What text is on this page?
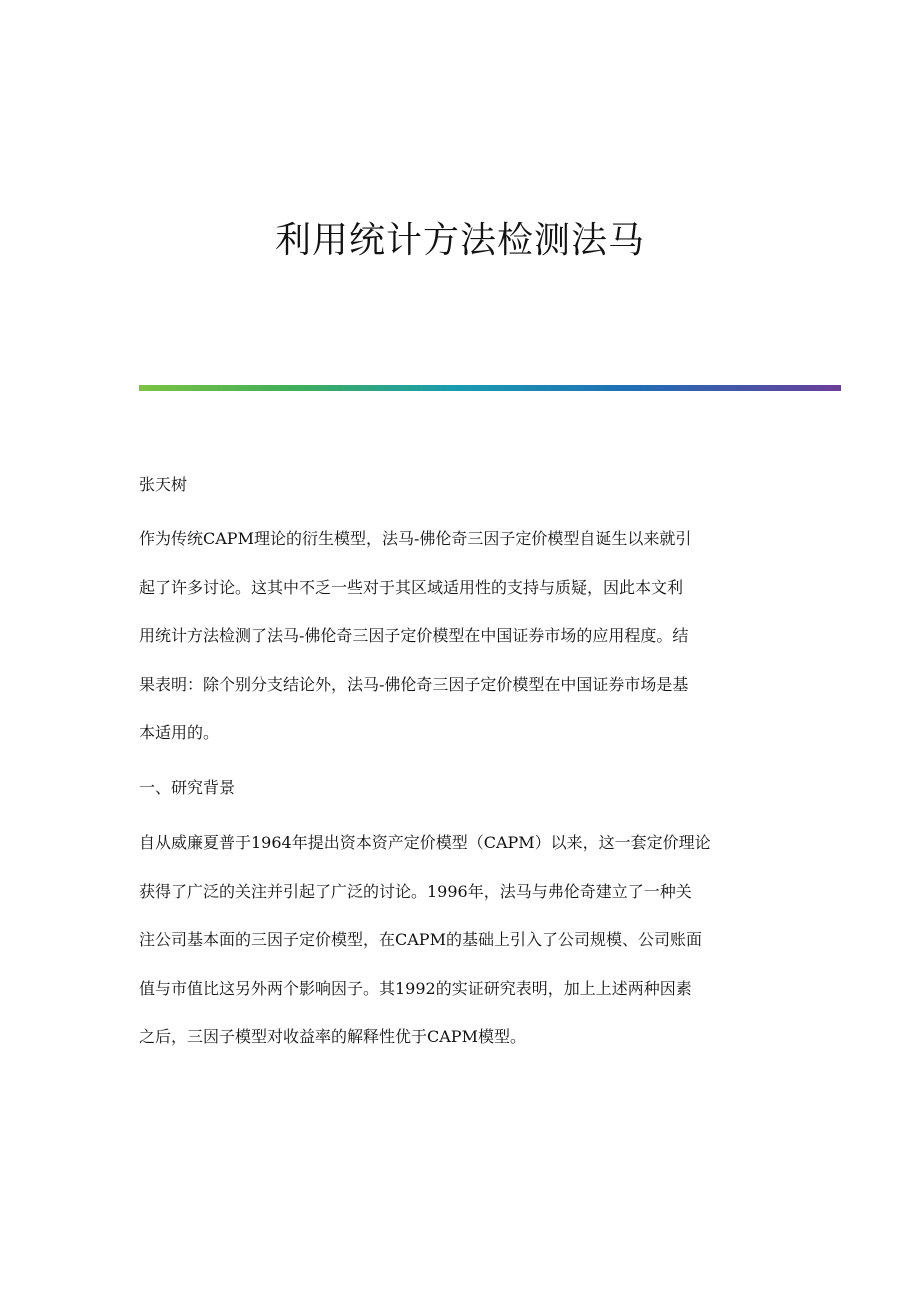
利用统计方法检测法马

张天树

作为传统CAPM理论的衍生模型，法马-佛伦奇三因子定价模型自诞生以来就引
起了许多讨论。这其中不乏一些对于其区域适用性的支持与质疑，因此本文利
用统计方法检测了法马-佛伦奇三因子定价模型在中国证券市场的应用程度。结
果表明：除个别分支结论外，法马-佛伦奇三因子定价模型在中国证券市场是基
本适用的。

一、研究背景

自从威廉夏普于1964年提出资本资产定价模型（CAPM）以来，这一套定价理论
获得了广泛的关注并引起了广泛的讨论。1996年，法马与弗伦奇建立了一种关
注公司基本面的三因子定价模型，在CAPM的基础上引入了公司规模、公司账面
值与市值比这另外两个影响因子。其1992的实证研究表明，加上上述两种因素
之后，三因子模型对收益率的解释性优于CAPM模型。
